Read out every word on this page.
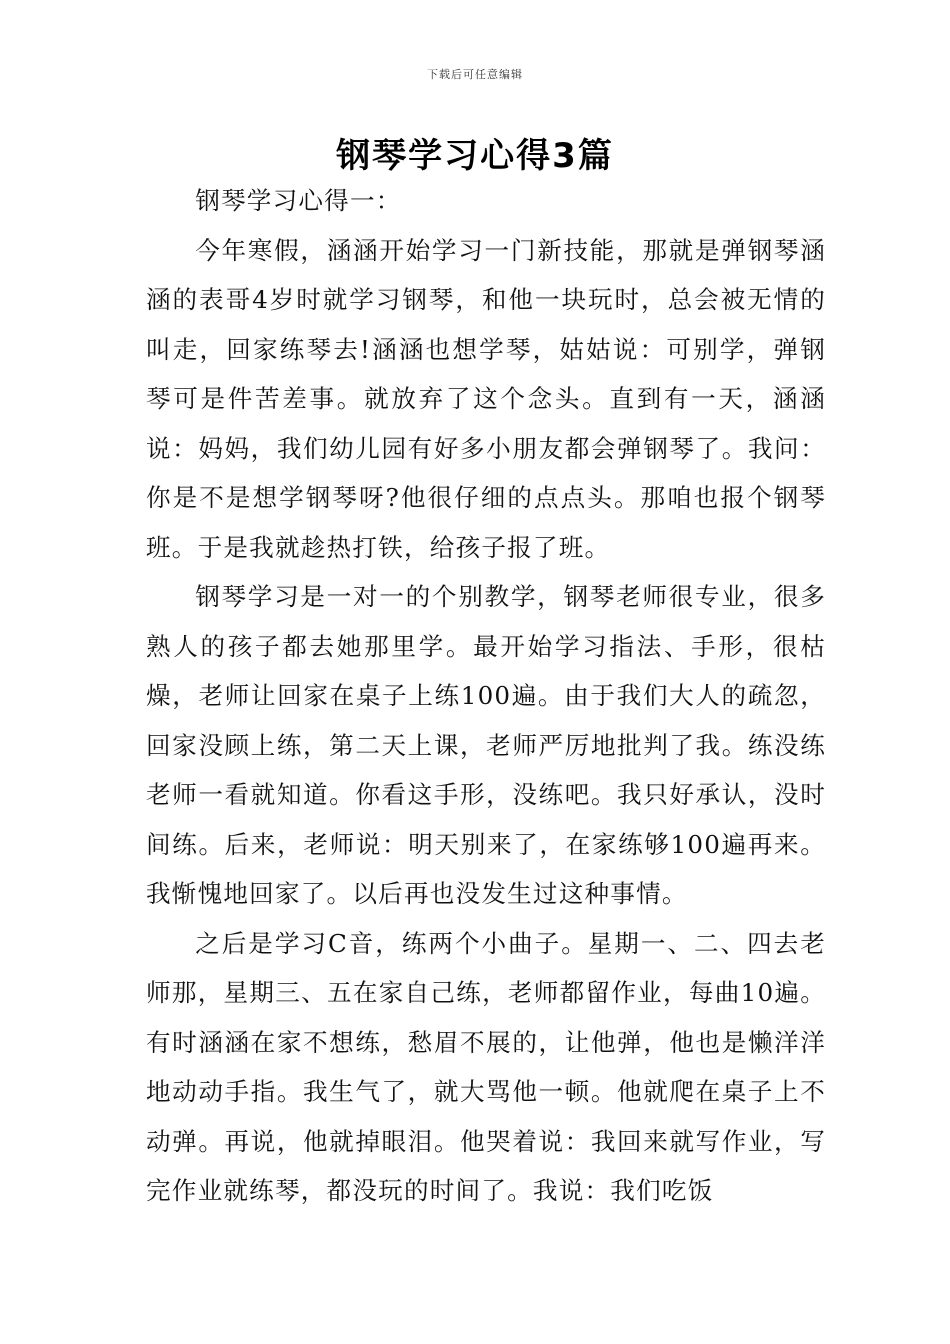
下载后可任意编辑
钢琴学习心得3篇

钢琴学习心得一：

今年寒假，涵涵开始学习一门新技能，那就是弹钢琴涵涵的表哥4岁时就学习钢琴，和他一块玩时，总会被无情的叫走，回家练琴去!涵涵也想学琴，姑姑说：可别学，弹钢琴可是件苦差事。就放弃了这个念头。直到有一天，涵涵说：妈妈，我们幼儿园有好多小朋友都会弹钢琴了。我问：你是不是想学钢琴呀?他很仔细的点点头。那咱也报个钢琴班。于是我就趁热打铁，给孩子报了班。

钢琴学习是一对一的个别教学，钢琴老师很专业，很多熟人的孩子都去她那里学。最开始学习指法、手形，很枯燥，老师让回家在桌子上练100遍。由于我们大人的疏忽，回家没顾上练，第二天上课，老师严厉地批判了我。练没练老师一看就知道。你看这手形，没练吧。我只好承认，没时间练。后来，老师说：明天别来了，在家练够100遍再来。我惭愧地回家了。以后再也没发生过这种事情。

之后是学习C音，练两个小曲子。星期一、二、四去老师那，星期三、五在家自己练，老师都留作业，每曲10遍。有时涵涵在家不想练，愁眉不展的，让他弹，他也是懒洋洋地动动手指。我生气了，就大骂他一顿。他就爬在桌子上不动弹。再说，他就掉眼泪。他哭着说：我回来就写作业，写完作业就练琴，都没玩的时间了。我说：我们吃饭
